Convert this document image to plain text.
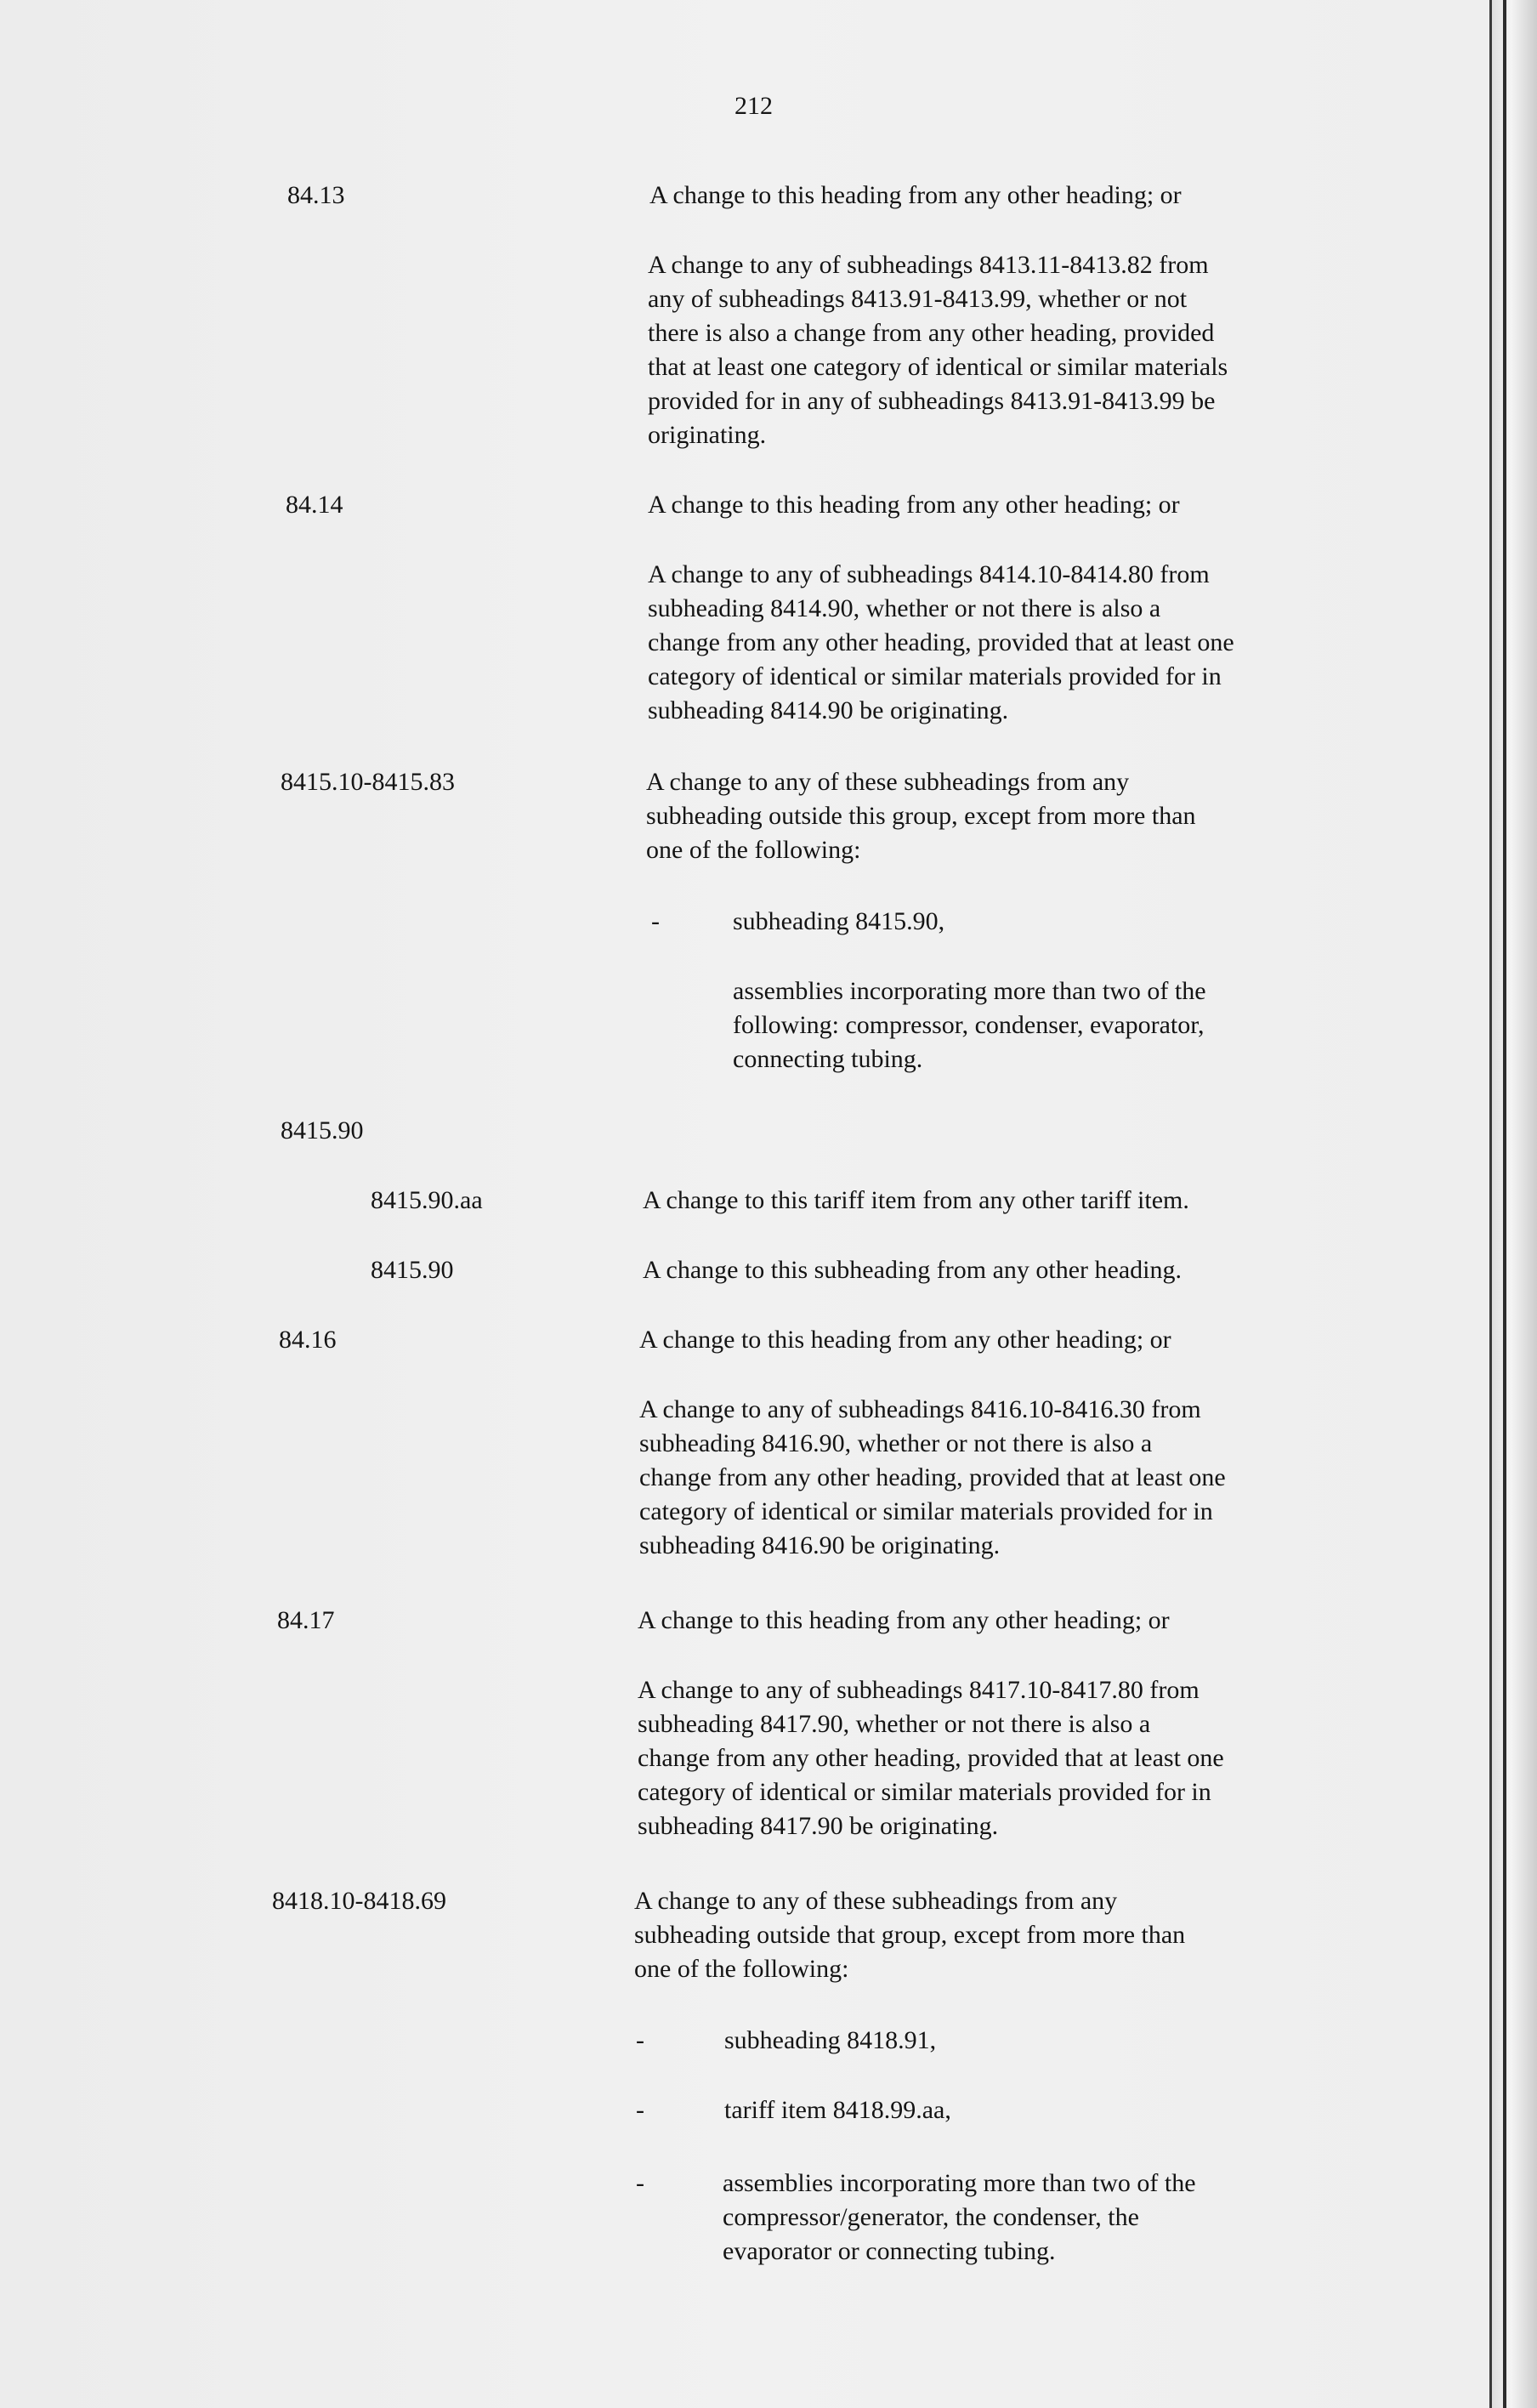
212
84.13	A change to this heading from any other heading; or
A change to any of subheadings 8413.11-8413.82 from
any of subheadings 8413.91-8413.99, whether or not
there is also a change from any other heading, provided
that at least one category of identical or similar materials
provided for in any of subheadings 8413.91-8413.99 be
originating.
84.14	A change to this heading from any other heading; or
A change to any of subheadings 8414.10-8414.80 from
subheading 8414.90, whether or not there is also a
change from any other heading, provided that at least one
category of identical or similar materials provided for in
subheading 8414.90 be originating.
8415.10-8415.83	A change to any of these subheadings from any
subheading outside this group, except from more than
one of the following:
-	subheading 8415.90,
assemblies incorporating more than two of the
following: compressor, condenser, evaporator,
connecting tubing.
8415.90
8415.90.aa	A change to this tariff item from any other tariff item.
8415.90	A change to this subheading from any other heading.
84.16	A change to this heading from any other heading; or
A change to any of subheadings 8416.10-8416.30 from
subheading 8416.90, whether or not there is also a
change from any other heading, provided that at least one
category of identical or similar materials provided for in
subheading 8416.90 be originating.
84.17	A change to this heading from any other heading; or
A change to any of subheadings 8417.10-8417.80 from
subheading 8417.90, whether or not there is also a
change from any other heading, provided that at least one
category of identical or similar materials provided for in
subheading 8417.90 be originating.
8418.10-8418.69	A change to any of these subheadings from any
subheading outside that group, except from more than
one of the following:
-	subheading 8418.91,
-	tariff item 8418.99.aa,
-	assemblies incorporating more than two of the
compressor/generator, the condenser, the
evaporator or connecting tubing.
